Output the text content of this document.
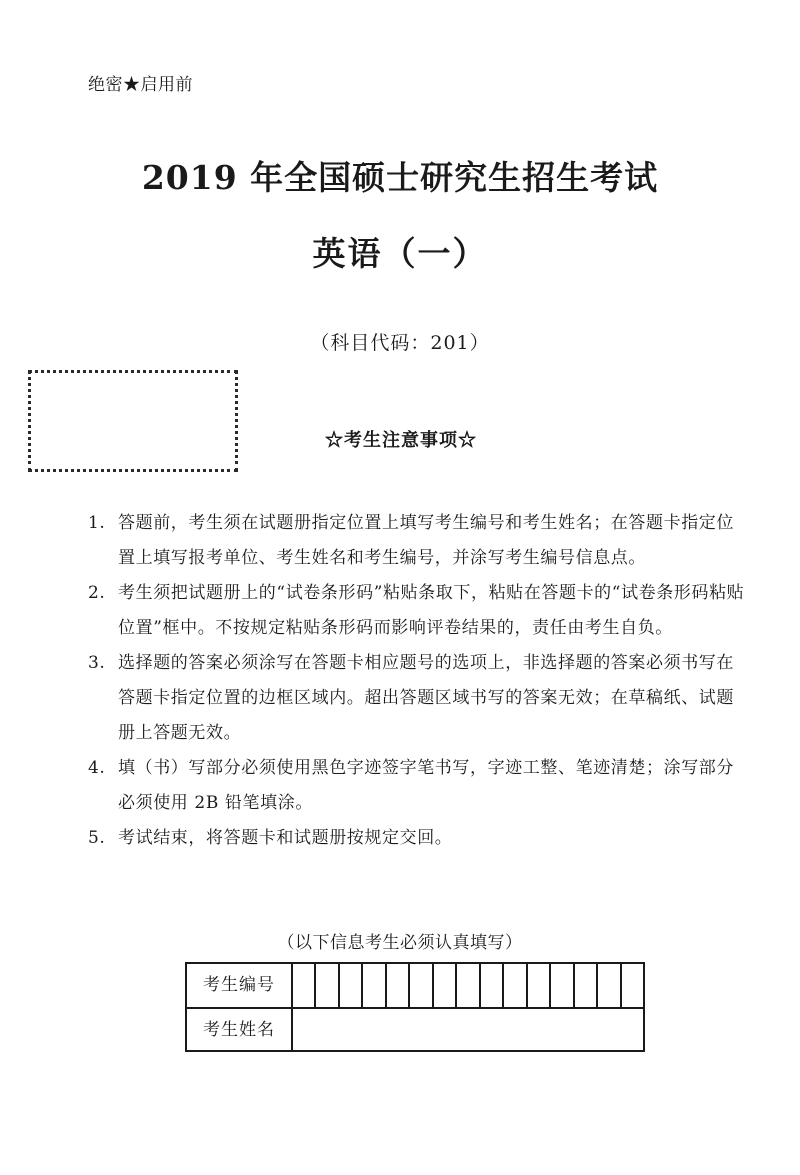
绝密★启用前
2019 年全国硕士研究生招生考试
英语（一）
（科目代码：201）
☆考生注意事项☆
1. 答题前，考生须在试题册指定位置上填写考生编号和考生姓名；在答题卡指定位置上填写报考单位、考生姓名和考生编号，并涂写考生编号信息点。
2. 考生须把试题册上的“试卷条形码”粘贴条取下，粘贴在答题卡的“试卷条形码粘贴位置”框中。不按规定粘贴条形码而影响评卷结果的，责任由考生自负。
3. 选择题的答案必须涂写在答题卡相应题号的选项上，非选择题的答案必须书写在答题卡指定位置的边框区域内。超出答题区域书写的答案无效；在草稿纸、试题册上答题无效。
4. 填（书）写部分必须使用黑色字迹签字笔书写，字迹工整、笔迹清楚；涂写部分必须使用 2B 铅笔填涂。
5. 考试结束，将答题卡和试题册按规定交回。
（以下信息考生必须认真填写）
考生编号
考生姓名
